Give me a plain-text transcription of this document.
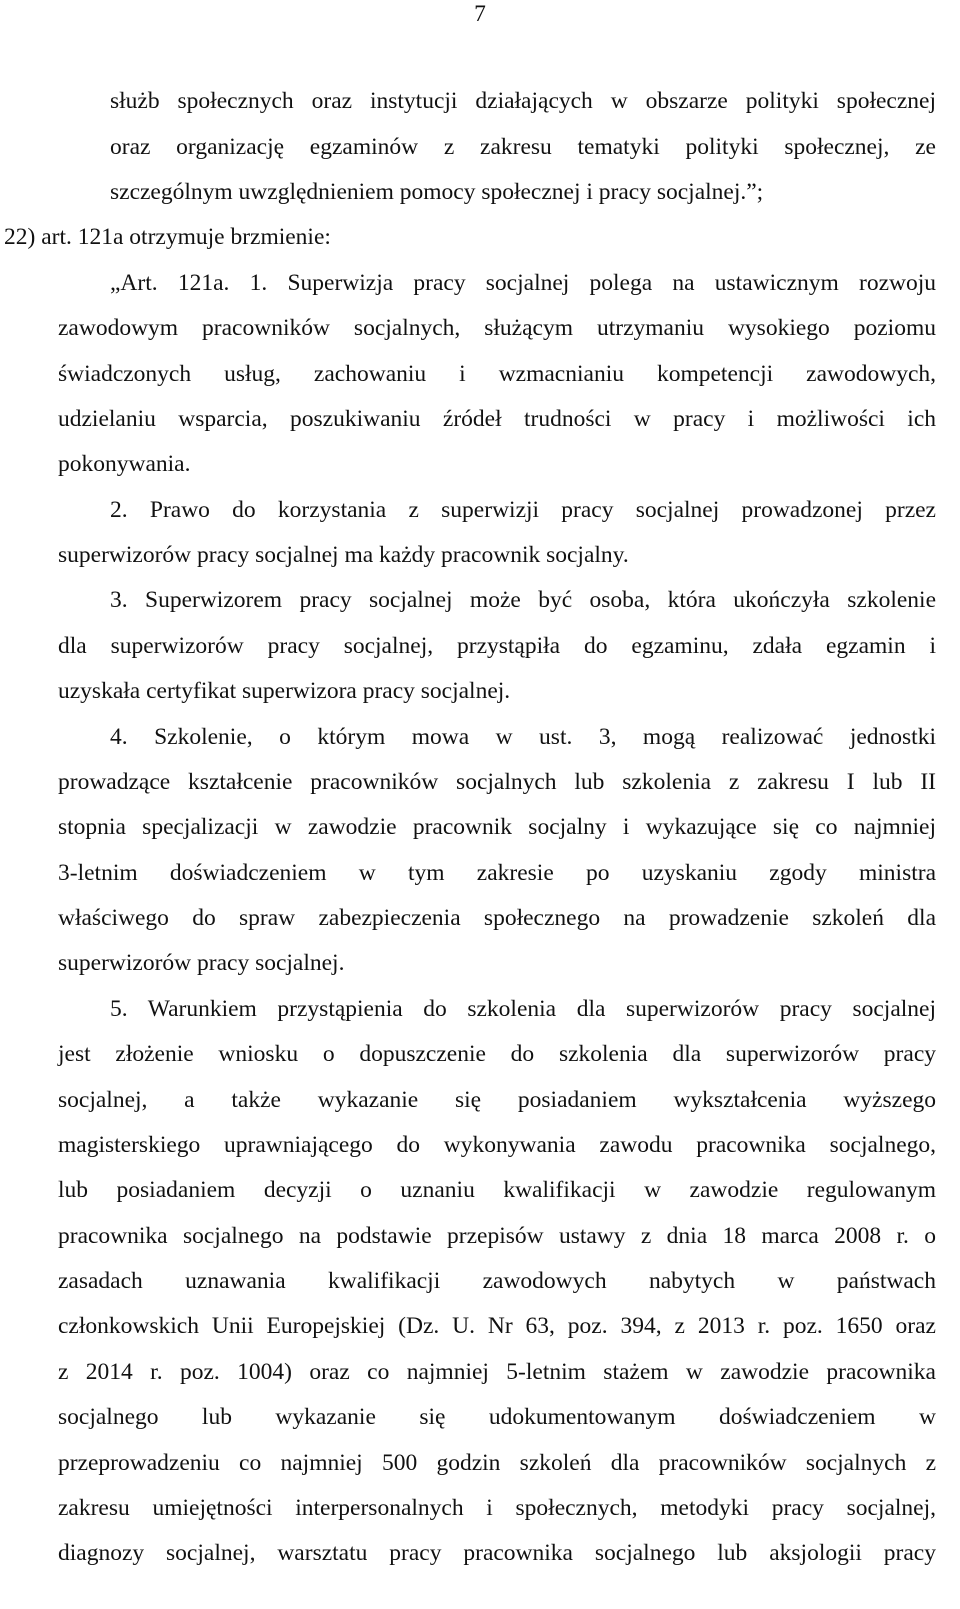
7
służb społecznych oraz instytucji działających w obszarze polityki społecznej
oraz organizację egzaminów z zakresu tematyki polityki społecznej, ze
szczególnym uwzględnieniem pomocy społecznej i pracy socjalnej.”;
22) art. 121a otrzymuje brzmienie:
„Art. 121a. 1. Superwizja pracy socjalnej polega na ustawicznym rozwoju
zawodowym pracowników socjalnych, służącym utrzymaniu wysokiego poziomu
świadczonych usług, zachowaniu i wzmacnianiu kompetencji zawodowych,
udzielaniu wsparcia, poszukiwaniu źródeł trudności w pracy i możliwości ich
pokonywania.
2. Prawo do korzystania z superwizji pracy socjalnej prowadzonej przez
superwizorów pracy socjalnej ma każdy pracownik socjalny.
3. Superwizorem pracy socjalnej może być osoba, która ukończyła szkolenie
dla superwizorów pracy socjalnej, przystąpiła do egzaminu, zdała egzamin i
uzyskała certyfikat superwizora pracy socjalnej.
4. Szkolenie, o którym mowa w ust. 3, mogą realizować jednostki
prowadzące kształcenie pracowników socjalnych lub szkolenia z zakresu I lub II
stopnia specjalizacji w zawodzie pracownik socjalny i wykazujące się co najmniej
3-letnim doświadczeniem w tym zakresie po uzyskaniu zgody ministra
właściwego do spraw zabezpieczenia społecznego na prowadzenie szkoleń dla
superwizorów pracy socjalnej.
5. Warunkiem przystąpienia do szkolenia dla superwizorów pracy socjalnej
jest złożenie wniosku o dopuszczenie do szkolenia dla superwizorów pracy
socjalnej, a także wykazanie się posiadaniem wykształcenia wyższego
magisterskiego uprawniającego do wykonywania zawodu pracownika socjalnego,
lub posiadaniem decyzji o uznaniu kwalifikacji w zawodzie regulowanym
pracownika socjalnego na podstawie przepisów ustawy z dnia 18 marca 2008 r. o
zasadach uznawania kwalifikacji zawodowych nabytych w państwach
członkowskich Unii Europejskiej (Dz. U. Nr 63, poz. 394, z 2013 r. poz. 1650 oraz
z 2014 r. poz. 1004) oraz co najmniej 5-letnim stażem w zawodzie pracownika
socjalnego lub wykazanie się udokumentowanym doświadczeniem w
przeprowadzeniu co najmniej 500 godzin szkoleń dla pracowników socjalnych z
zakresu umiejętności interpersonalnych i społecznych, metodyki pracy socjalnej,
diagnozy socjalnej, warsztatu pracy pracownika socjalnego lub aksjologii pracy
